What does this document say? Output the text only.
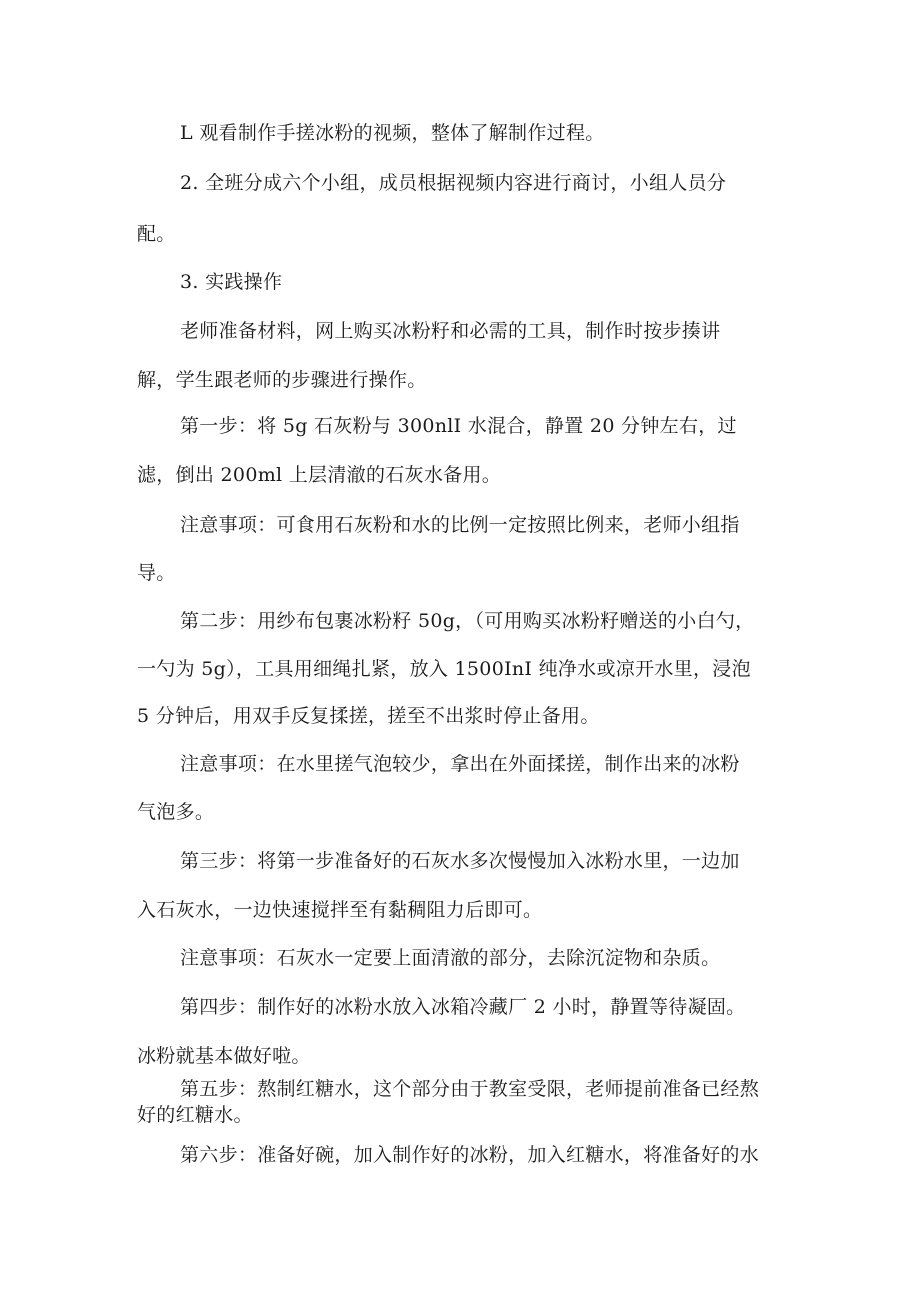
L 观看制作手搓冰粉的视频，整体了解制作过程。

2. 全班分成六个小组，成员根据视频内容进行商讨，小组人员分

配。

3. 实践操作

老师准备材料，网上购买冰粉籽和必需的工具，制作时按步揍讲

解，学生跟老师的步骤进行操作。

第一步：将 5g 石灰粉与 300nlI 水混合，静置 20 分钟左右，过

滤，倒出 200ml 上层清澈的石灰水备用。

注意事项：可食用石灰粉和水的比例一定按照比例来，老师小组指

导。

第二步：用纱布包裹冰粉籽 50g，（可用购买冰粉籽赠送的小白勺，

一勺为 5g），工具用细绳扎紧，放入 1500InI 纯净水或凉开水里，浸泡

5 分钟后，用双手反复揉搓，搓至不出浆时停止备用。

注意事项：在水里搓气泡较少，拿出在外面揉搓，制作出来的冰粉

气泡多。

第三步：将第一步准备好的石灰水多次慢慢加入冰粉水里，一边加

入石灰水，一边快速搅拌至有黏稠阻力后即可。

注意事项：石灰水一定要上面清澈的部分，去除沉淀物和杂质。

第四步：制作好的冰粉水放入冰箱冷藏厂 2 小时，静置等待凝固。

冰粉就基本做好啦。

第五步：熬制红糖水，这个部分由于教室受限，老师提前准备已经熬

好的红糖水。

第六步：准备好碗，加入制作好的冰粉，加入红糖水，将准备好的水
